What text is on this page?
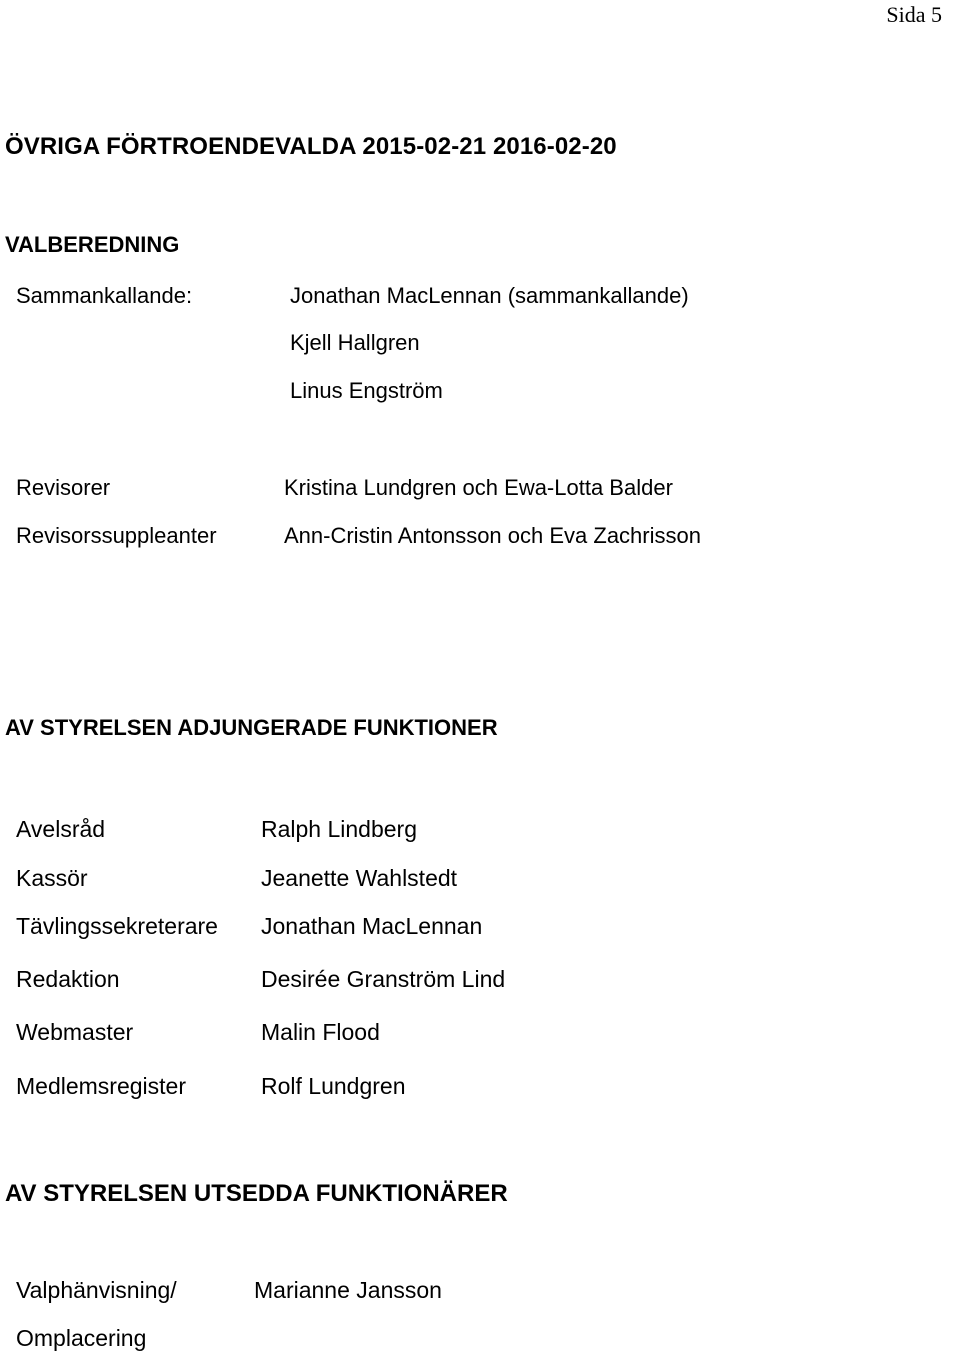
Sida 5
ÖVRIGA FÖRTROENDEVALDA 2015-02-21 2016-02-20
VALBEREDNING
Sammankallande:	Jonathan MacLennan (sammankallande)
Kjell Hallgren
Linus Engström
Revisorer	Kristina Lundgren och Ewa-Lotta Balder
Revisorssuppleanter	Ann-Cristin Antonsson och Eva Zachrisson
AV STYRELSEN ADJUNGERADE FUNKTIONER
Avelsråd	Ralph Lindberg
Kassör	Jeanette Wahlstedt
Tävlingssekreterare Jonathan MacLennan
Redaktion	Desirée Granström Lind
Webmaster	Malin Flood
Medlemsregister	Rolf Lundgren
AV STYRELSEN UTSEDDA FUNKTIONÄRER
Valphänvisning/	Marianne Jansson
Omplacering
